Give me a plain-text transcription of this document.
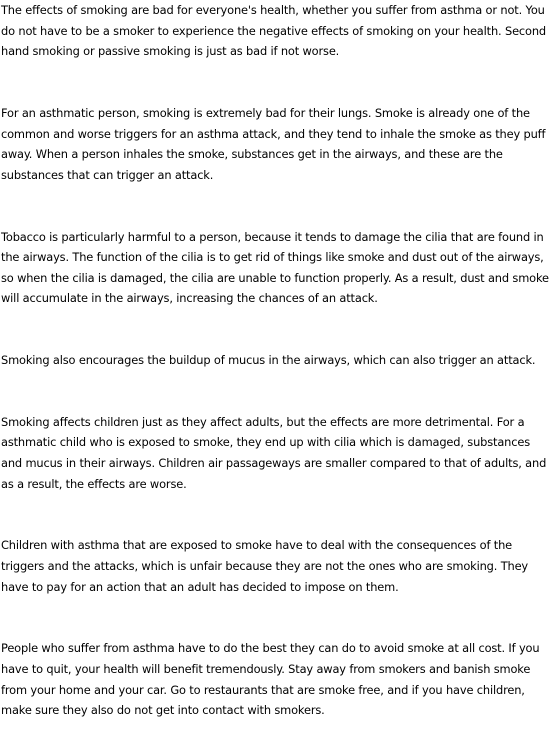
The effects of smoking are bad for everyone's health, whether you suffer from asthma or not. You do not have to be a smoker to experience the negative effects of smoking on your health. Second hand smoking or passive smoking is just as bad if not worse.

For an asthmatic person, smoking is extremely bad for their lungs. Smoke is already one of the common and worse triggers for an asthma attack, and they tend to inhale the smoke as they puff away. When a person inhales the smoke, substances get in the airways, and these are the substances that can trigger an attack.

Tobacco is particularly harmful to a person, because it tends to damage the cilia that are found in the airways. The function of the cilia is to get rid of things like smoke and dust out of the airways, so when the cilia is damaged, the cilia are unable to function properly. As a result, dust and smoke will accumulate in the airways, increasing the chances of an attack.

Smoking also encourages the buildup of mucus in the airways, which can also trigger an attack.

Smoking affects children just as they affect adults, but the effects are more detrimental. For a asthmatic child who is exposed to smoke, they end up with cilia which is damaged, substances and mucus in their airways. Children air passageways are smaller compared to that of adults, and as a result, the effects are worse.

Children with asthma that are exposed to smoke have to deal with the consequences of the triggers and the attacks, which is unfair because they are not the ones who are smoking. They have to pay for an action that an adult has decided to impose on them.

People who suffer from asthma have to do the best they can do to avoid smoke at all cost. If you have to quit, your health will benefit tremendously. Stay away from smokers and banish smoke from your home and your car. Go to restaurants that are smoke free, and if you have children, make sure they also do not get into contact with smokers.
